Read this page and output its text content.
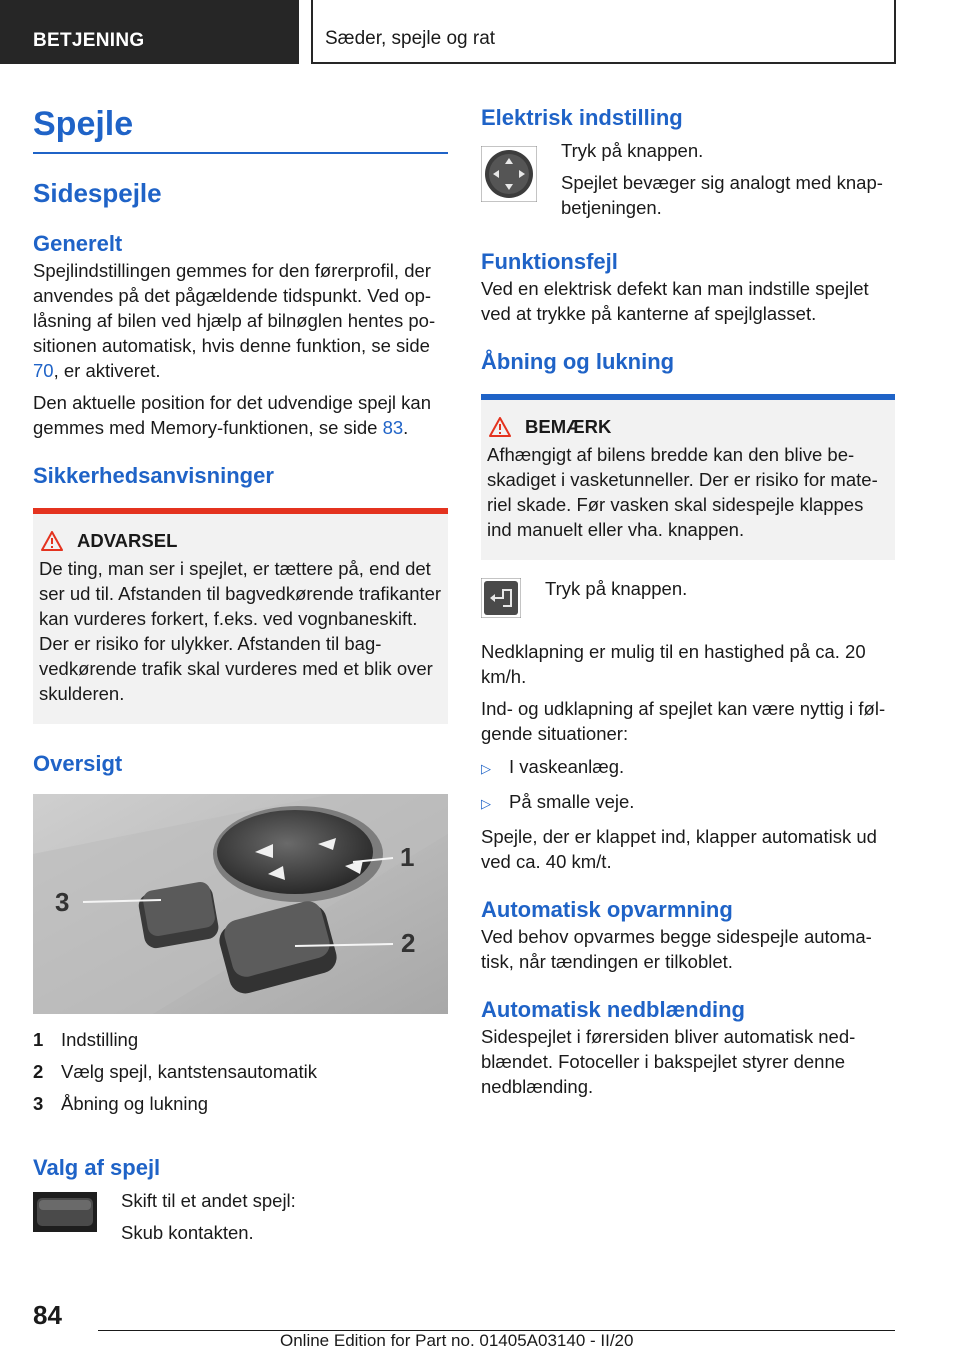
BETJENING	Sæder, spejle og rat
Spejle
Sidespejle
Generelt

Spejlindstillingen gemmes for den førerprofil, der anvendes på det pågældende tidspunkt. Ved oplåsning af bilen ved hjælp af bilnøglen hentes positionen automatisk, hvis denne funktion, se side 70, er aktiveret.

Den aktuelle position for det udvendige spejl kan gemmes med Memory-funktionen, se side 83.

Sikkerhedsanvisninger
ADVARSEL

De ting, man ser i spejlet, er tættere på, end det ser ud til. Afstanden til bagvedkørende trafikanter kan vurderes forkert, f.eks. ved vognbaneskift. Der er risiko for ulykker. Afstanden til bagvedkørende trafik skal vurderes med et blik over skulderen.

Oversigt
1
2
3
1 Indstilling
2 Vælg spejl, kantstensautomatik
3 Åbning og lukning
Valg af spejl

Skift til et andet spejl:

Skub kontakten.

Elektrisk indstilling

Tryk på knappen.

Spejlet bevæger sig analogt med knapbetjeningen.

Funktionsfejl

Ved en elektrisk defekt kan man indstille spejlet ved at trykke på kanterne af spejlglasset.

Åbning og lukning
BEMÆRK

Afhængigt af bilens bredde kan den blive beskadiget i vasketunneller. Der er risiko for materiel skade. Før vasken skal sidespejle klappes ind manuelt eller vha. knappen.

Tryk på knappen.

Nedklapning er mulig til en hastighed på ca. 20 km/h.

Ind- og udklapning af spejlet kan være nyttig i følgende situationer:

▷ I vaskeanlæg.
▷ På smalle veje.

Spejle, der er klappet ind, klapper automatisk ud ved ca. 40 km/t.

Automatisk opvarmning

Ved behov opvarmes begge sidespejle automatisk, når tændingen er tilkoblet.

Automatisk nedblænding

Sidespejlet i førersiden bliver automatisk nedblændet. Fotoceller i bakspejlet styrer denne nedblænding.

84
Online Edition for Part no. 01405A03140 - II/20
